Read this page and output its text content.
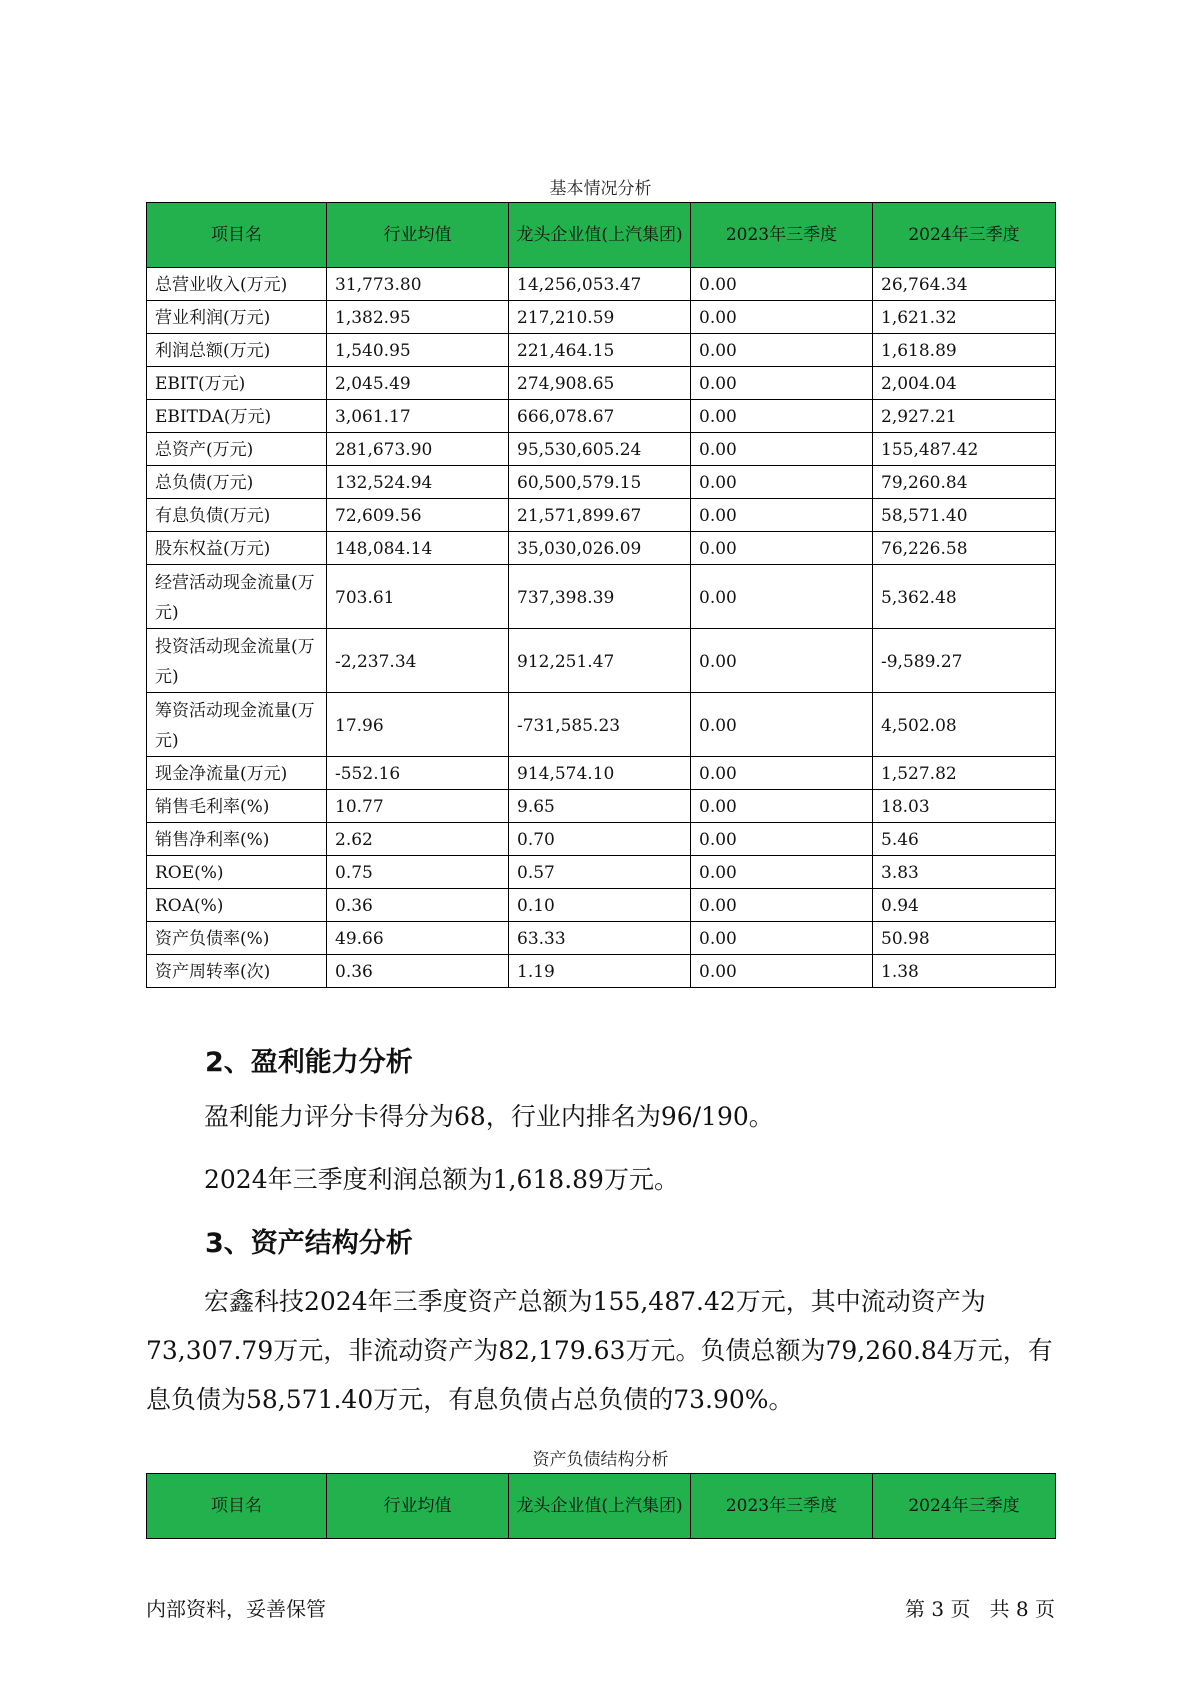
基本情况分析
项目名	行业均值	龙头企业值(上汽集团)	2023年三季度	2024年三季度
总营业收入(万元)	31,773.80	14,256,053.47	0.00	26,764.34
营业利润(万元)	1,382.95	217,210.59	0.00	1,621.32
利润总额(万元)	1,540.95	221,464.15	0.00	1,618.89
EBIT(万元)	2,045.49	274,908.65	0.00	2,004.04
EBITDA(万元)	3,061.17	666,078.67	0.00	2,927.21
总资产(万元)	281,673.90	95,530,605.24	0.00	155,487.42
总负债(万元)	132,524.94	60,500,579.15	0.00	79,260.84
有息负债(万元)	72,609.56	21,571,899.67	0.00	58,571.40
股东权益(万元)	148,084.14	35,030,026.09	0.00	76,226.58
经营活动现金流量(万元)	703.61	737,398.39	0.00	5,362.48
投资活动现金流量(万元)	-2,237.34	912,251.47	0.00	-9,589.27
筹资活动现金流量(万元)	17.96	-731,585.23	0.00	4,502.08
现金净流量(万元)	-552.16	914,574.10	0.00	1,527.82
销售毛利率(%)	10.77	9.65	0.00	18.03
销售净利率(%)	2.62	0.70	0.00	5.46
ROE(%)	0.75	0.57	0.00	3.83
ROA(%)	0.36	0.10	0.00	0.94
资产负债率(%)	49.66	63.33	0.00	50.98
资产周转率(次)	0.36	1.19	0.00	1.38
2、盈利能力分析
盈利能力评分卡得分为68，行业内排名为96/190。
2024年三季度利润总额为1,618.89万元。
3、资产结构分析
宏鑫科技2024年三季度资产总额为155,487.42万元，其中流动资产为73,307.79万元，非流动资产为82,179.63万元。负债总额为79,260.84万元，有息负债为58,571.40万元，有息负债占总负债的73.90%。
资产负债结构分析
项目名	行业均值	龙头企业值(上汽集团)	2023年三季度	2024年三季度
内部资料，妥善保管	第 3 页   共 8 页
